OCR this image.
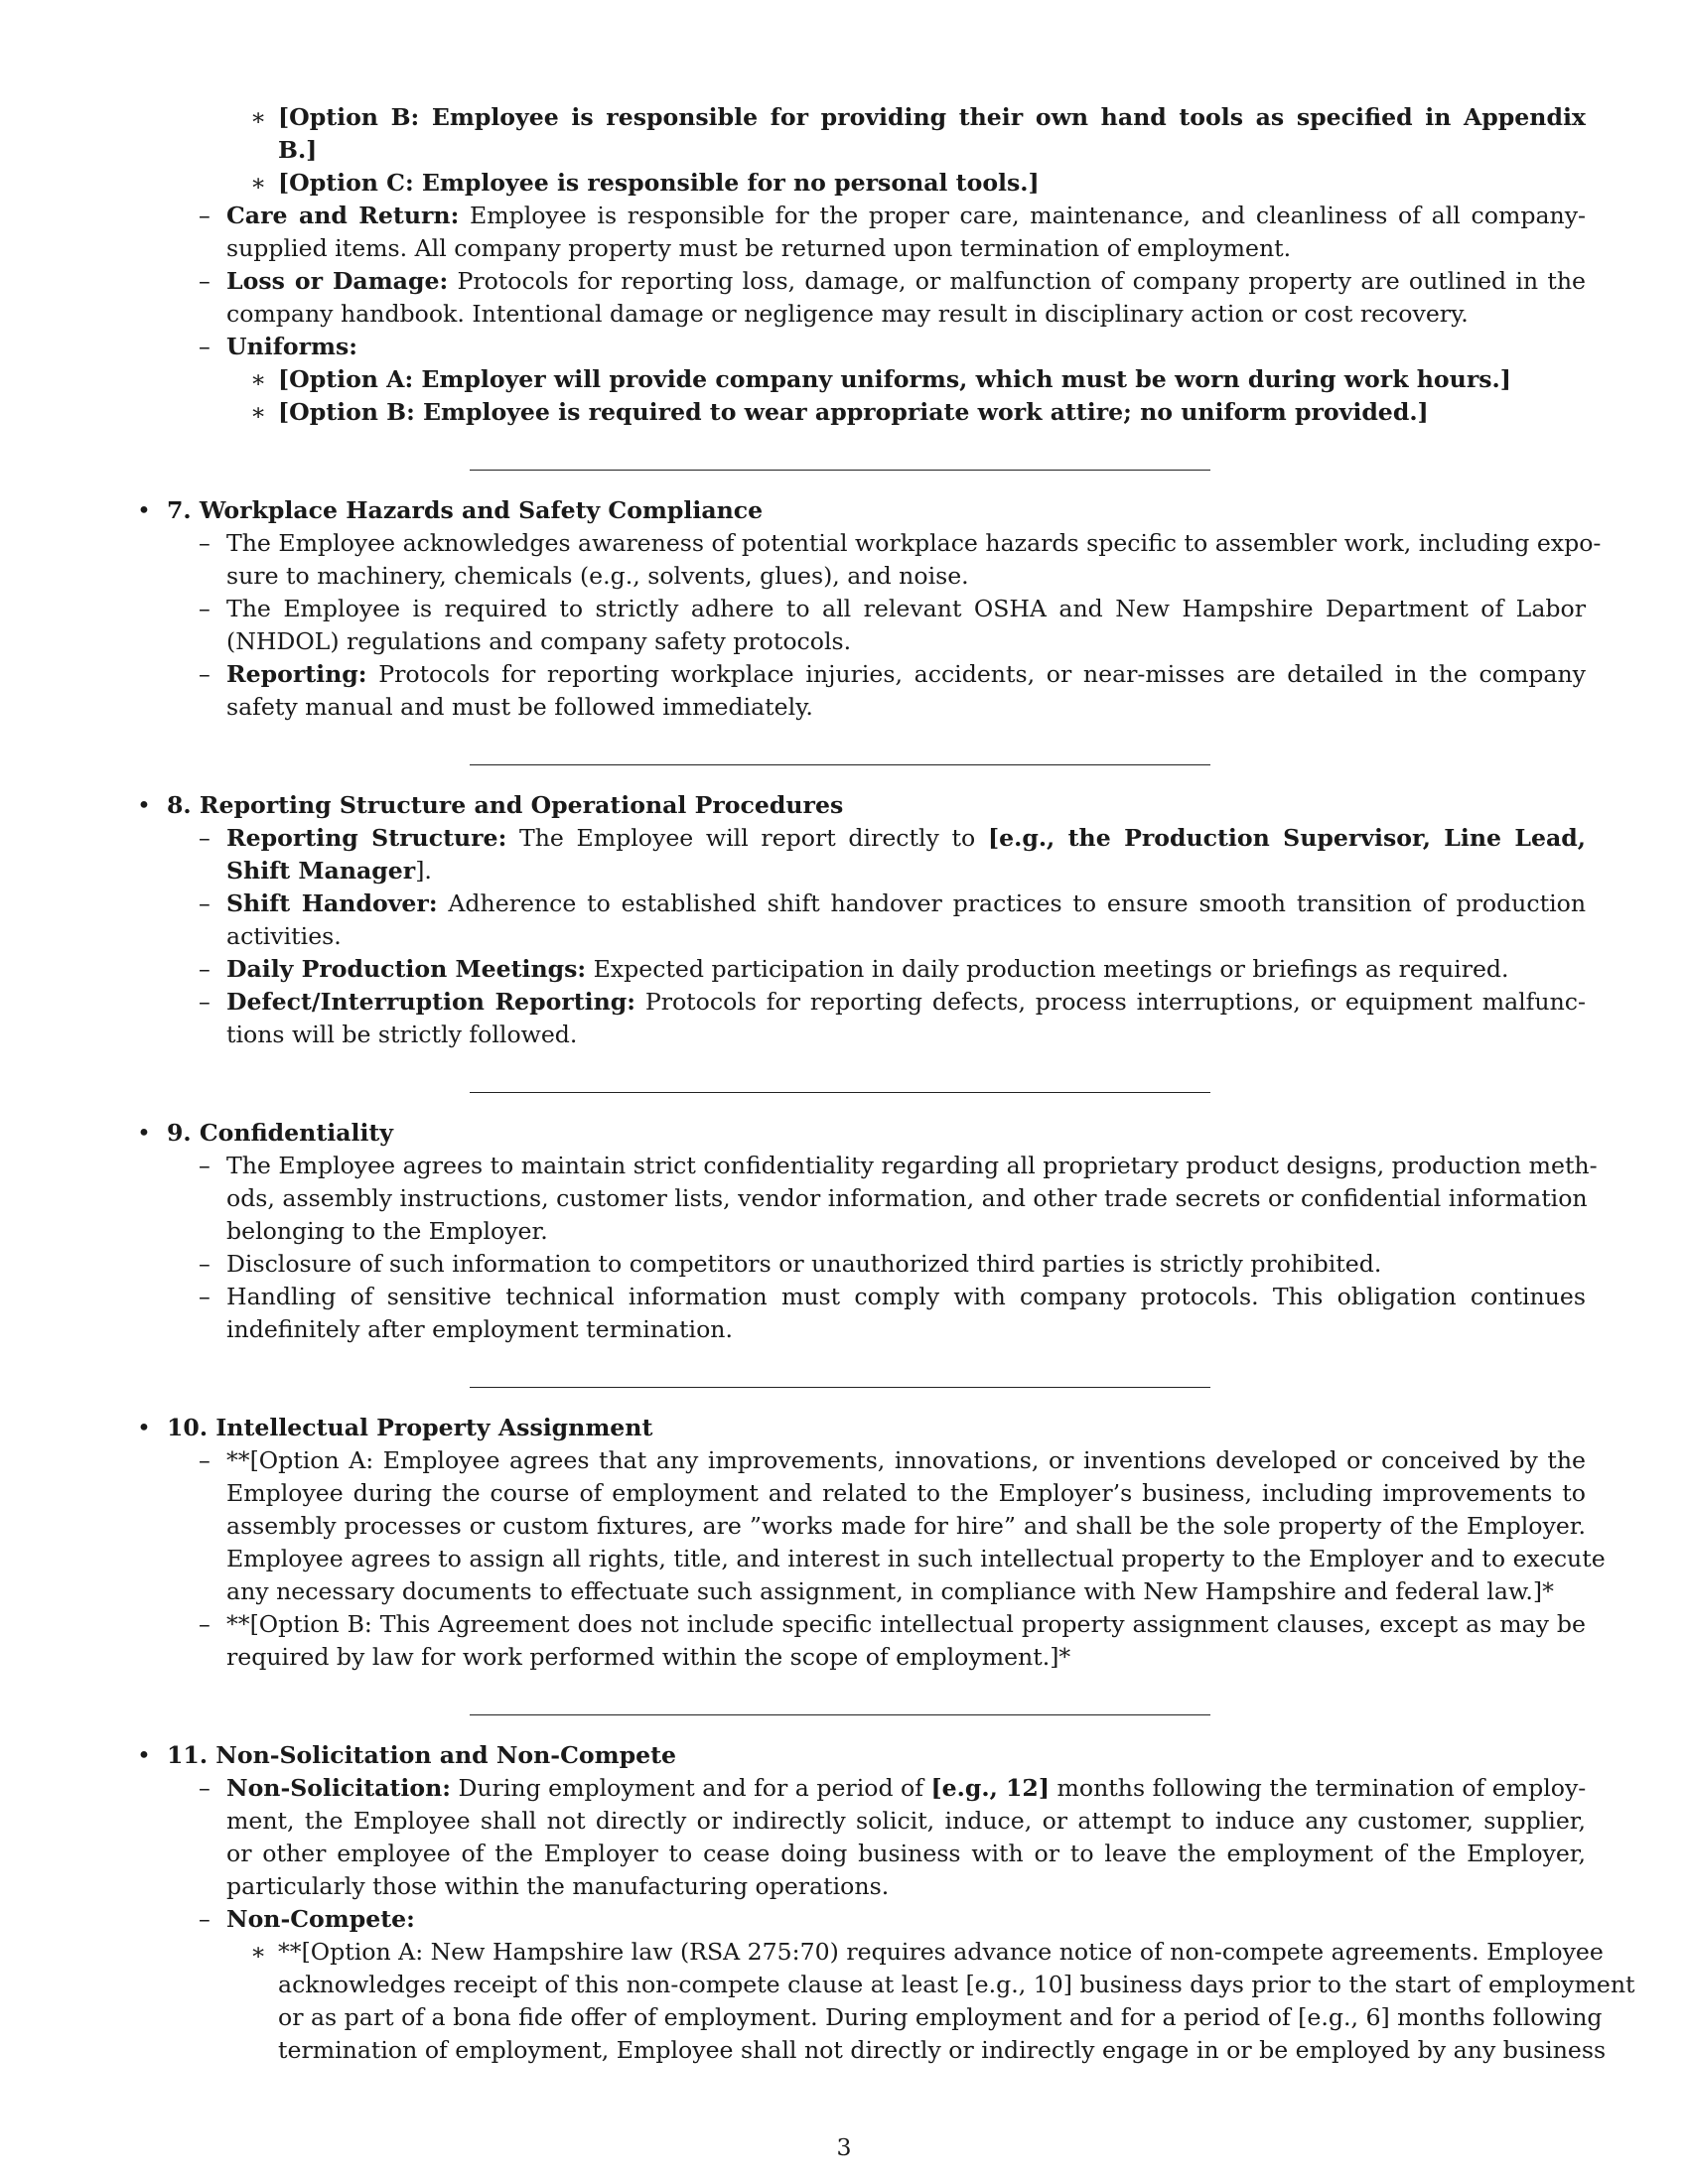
∗ [Option B: Employee is responsible for providing their own hand tools as specified in Appendix
B.]
∗ [Option C: Employee is responsible for no personal tools.]
– Care and Return: Employee is responsible for the proper care, maintenance, and cleanliness of all company-
supplied items. All company property must be returned upon termination of employment.
– Loss or Damage: Protocols for reporting loss, damage, or malfunction of company property are outlined in the
company handbook. Intentional damage or negligence may result in disciplinary action or cost recovery.
– Uniforms:
∗ [Option A: Employer will provide company uniforms, which must be worn during work hours.]
∗ [Option B: Employee is required to wear appropriate work attire; no uniform provided.]
• 7. Workplace Hazards and Safety Compliance
– The Employee acknowledges awareness of potential workplace hazards specific to assembler work, including expo-
sure to machinery, chemicals (e.g., solvents, glues), and noise.
– The Employee is required to strictly adhere to all relevant OSHA and New Hampshire Department of Labor
(NHDOL) regulations and company safety protocols.
– Reporting: Protocols for reporting workplace injuries, accidents, or near-misses are detailed in the company
safety manual and must be followed immediately.
• 8. Reporting Structure and Operational Procedures
– Reporting Structure: The Employee will report directly to [e.g., the Production Supervisor, Line Lead,
Shift Manager].
– Shift Handover: Adherence to established shift handover practices to ensure smooth transition of production
activities.
– Daily Production Meetings: Expected participation in daily production meetings or briefings as required.
– Defect/Interruption Reporting: Protocols for reporting defects, process interruptions, or equipment malfunc-
tions will be strictly followed.
• 9. Confidentiality
– The Employee agrees to maintain strict confidentiality regarding all proprietary product designs, production meth-
ods, assembly instructions, customer lists, vendor information, and other trade secrets or confidential information
belonging to the Employer.
– Disclosure of such information to competitors or unauthorized third parties is strictly prohibited.
– Handling of sensitive technical information must comply with company protocols. This obligation continues
indefinitely after employment termination.
• 10. Intellectual Property Assignment
– **[Option A: Employee agrees that any improvements, innovations, or inventions developed or conceived by the
Employee during the course of employment and related to the Employer’s business, including improvements to
assembly processes or custom fixtures, are ”works made for hire” and shall be the sole property of the Employer.
Employee agrees to assign all rights, title, and interest in such intellectual property to the Employer and to execute
any necessary documents to effectuate such assignment, in compliance with New Hampshire and federal law.]*
– **[Option B: This Agreement does not include specific intellectual property assignment clauses, except as may be
required by law for work performed within the scope of employment.]*
• 11. Non-Solicitation and Non-Compete
– Non-Solicitation: During employment and for a period of [e.g., 12] months following the termination of employ-
ment, the Employee shall not directly or indirectly solicit, induce, or attempt to induce any customer, supplier,
or other employee of the Employer to cease doing business with or to leave the employment of the Employer,
particularly those within the manufacturing operations.
– Non-Compete:
∗ **[Option A: New Hampshire law (RSA 275:70) requires advance notice of non-compete agreements. Employee
acknowledges receipt of this non-compete clause at least [e.g., 10] business days prior to the start of employment
or as part of a bona fide offer of employment. During employment and for a period of [e.g., 6] months following
termination of employment, Employee shall not directly or indirectly engage in or be employed by any business
3
